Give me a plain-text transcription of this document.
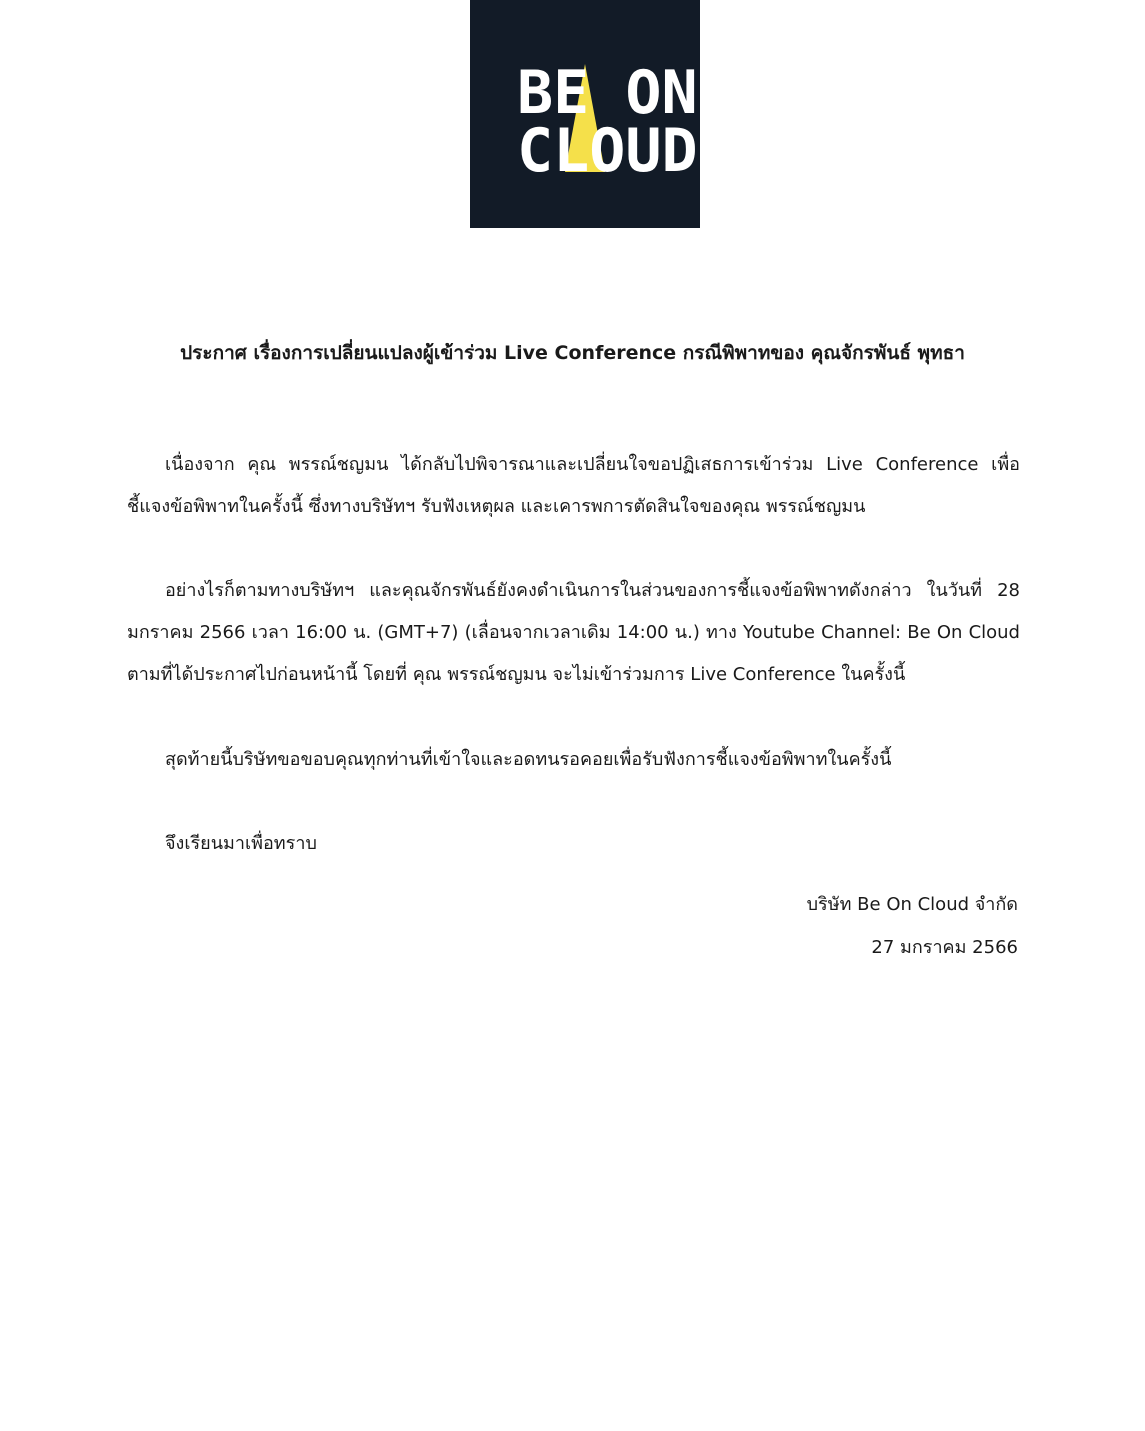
BE ON
CLOUD
ประกาศ เรื่องการเปลี่ยนแปลงผู้เข้าร่วม Live Conference กรณีพิพาทของ คุณจักรพันธ์ พุทธา
เนื่องจาก คุณ พรรณ์ชญมน ได้กลับไปพิจารณาและเปลี่ยนใจขอปฏิเสธการเข้าร่วม Live Conference เพื่อชี้แจงข้อพิพาทในครั้งนี้ ซึ่งทางบริษัทฯ รับฟังเหตุผล และเคารพการตัดสินใจของคุณ พรรณ์ชญมน
อย่างไรก็ตามทางบริษัทฯ และคุณจักรพันธ์ยังคงดำเนินการในส่วนของการชี้แจงข้อพิพาทดังกล่าว ในวันที่ 28 มกราคม 2566 เวลา 16:00 น. (GMT+7) (เลื่อนจากเวลาเดิม 14:00 น.) ทาง Youtube Channel: Be On Cloud ตามที่ได้ประกาศไปก่อนหน้านี้ โดยที่ คุณ พรรณ์ชญมน จะไม่เข้าร่วมการ Live Conference ในครั้งนี้
สุดท้ายนี้บริษัทขอขอบคุณทุกท่านที่เข้าใจและอดทนรอคอยเพื่อรับฟังการชี้แจงข้อพิพาทในครั้งนี้
จึงเรียนมาเพื่อทราบ
บริษัท Be On Cloud จำกัด
27 มกราคม 2566
